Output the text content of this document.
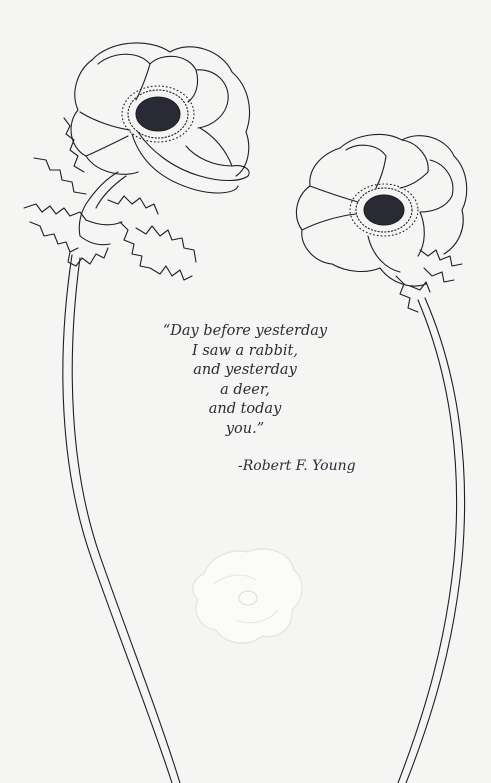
“Day before yesterday
I saw a rabbit,
and yesterday
a deer,
and today
you.”
-Robert F. Young
